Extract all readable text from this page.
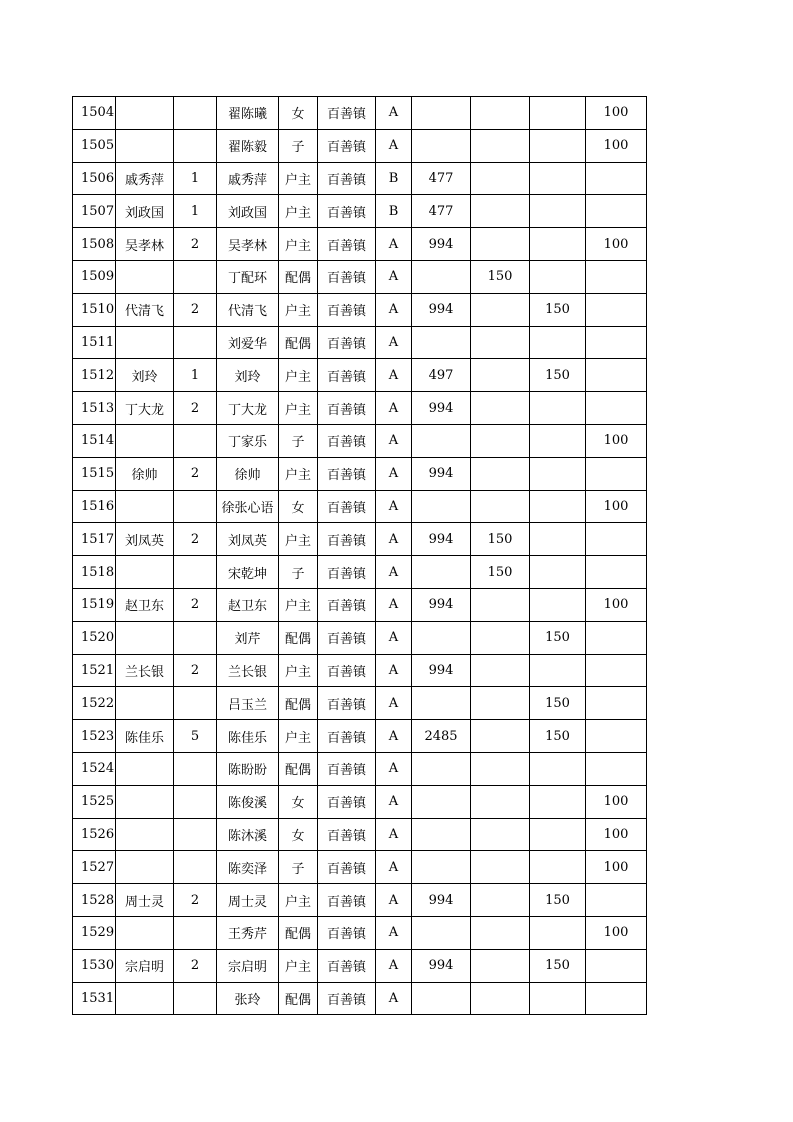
1504			翟陈曦	女	百善镇	A				100
1505			翟陈毅	子	百善镇	A				100
1506	戚秀萍	1	戚秀萍	户主	百善镇	B	477			
1507	刘政国	1	刘政国	户主	百善镇	B	477			
1508	吴孝林	2	吴孝林	户主	百善镇	A	994			100
1509			丁配环	配偶	百善镇	A		150		
1510	代清飞	2	代清飞	户主	百善镇	A	994		150	
1511			刘爱华	配偶	百善镇	A				
1512	刘玲	1	刘玲	户主	百善镇	A	497		150	
1513	丁大龙	2	丁大龙	户主	百善镇	A	994			
1514			丁家乐	子	百善镇	A				100
1515	徐帅	2	徐帅	户主	百善镇	A	994			
1516			徐张心语	女	百善镇	A				100
1517	刘凤英	2	刘凤英	户主	百善镇	A	994	150		
1518			宋乾坤	子	百善镇	A		150		
1519	赵卫东	2	赵卫东	户主	百善镇	A	994			100
1520			刘芹	配偶	百善镇	A			150	
1521	兰长银	2	兰长银	户主	百善镇	A	994			
1522			吕玉兰	配偶	百善镇	A			150	
1523	陈佳乐	5	陈佳乐	户主	百善镇	A	2485		150	
1524			陈盼盼	配偶	百善镇	A				
1525			陈俊溪	女	百善镇	A				100
1526			陈沐溪	女	百善镇	A				100
1527			陈奕泽	子	百善镇	A				100
1528	周士灵	2	周士灵	户主	百善镇	A	994		150	
1529			王秀芹	配偶	百善镇	A				100
1530	宗启明	2	宗启明	户主	百善镇	A	994		150	
1531			张玲	配偶	百善镇	A				
